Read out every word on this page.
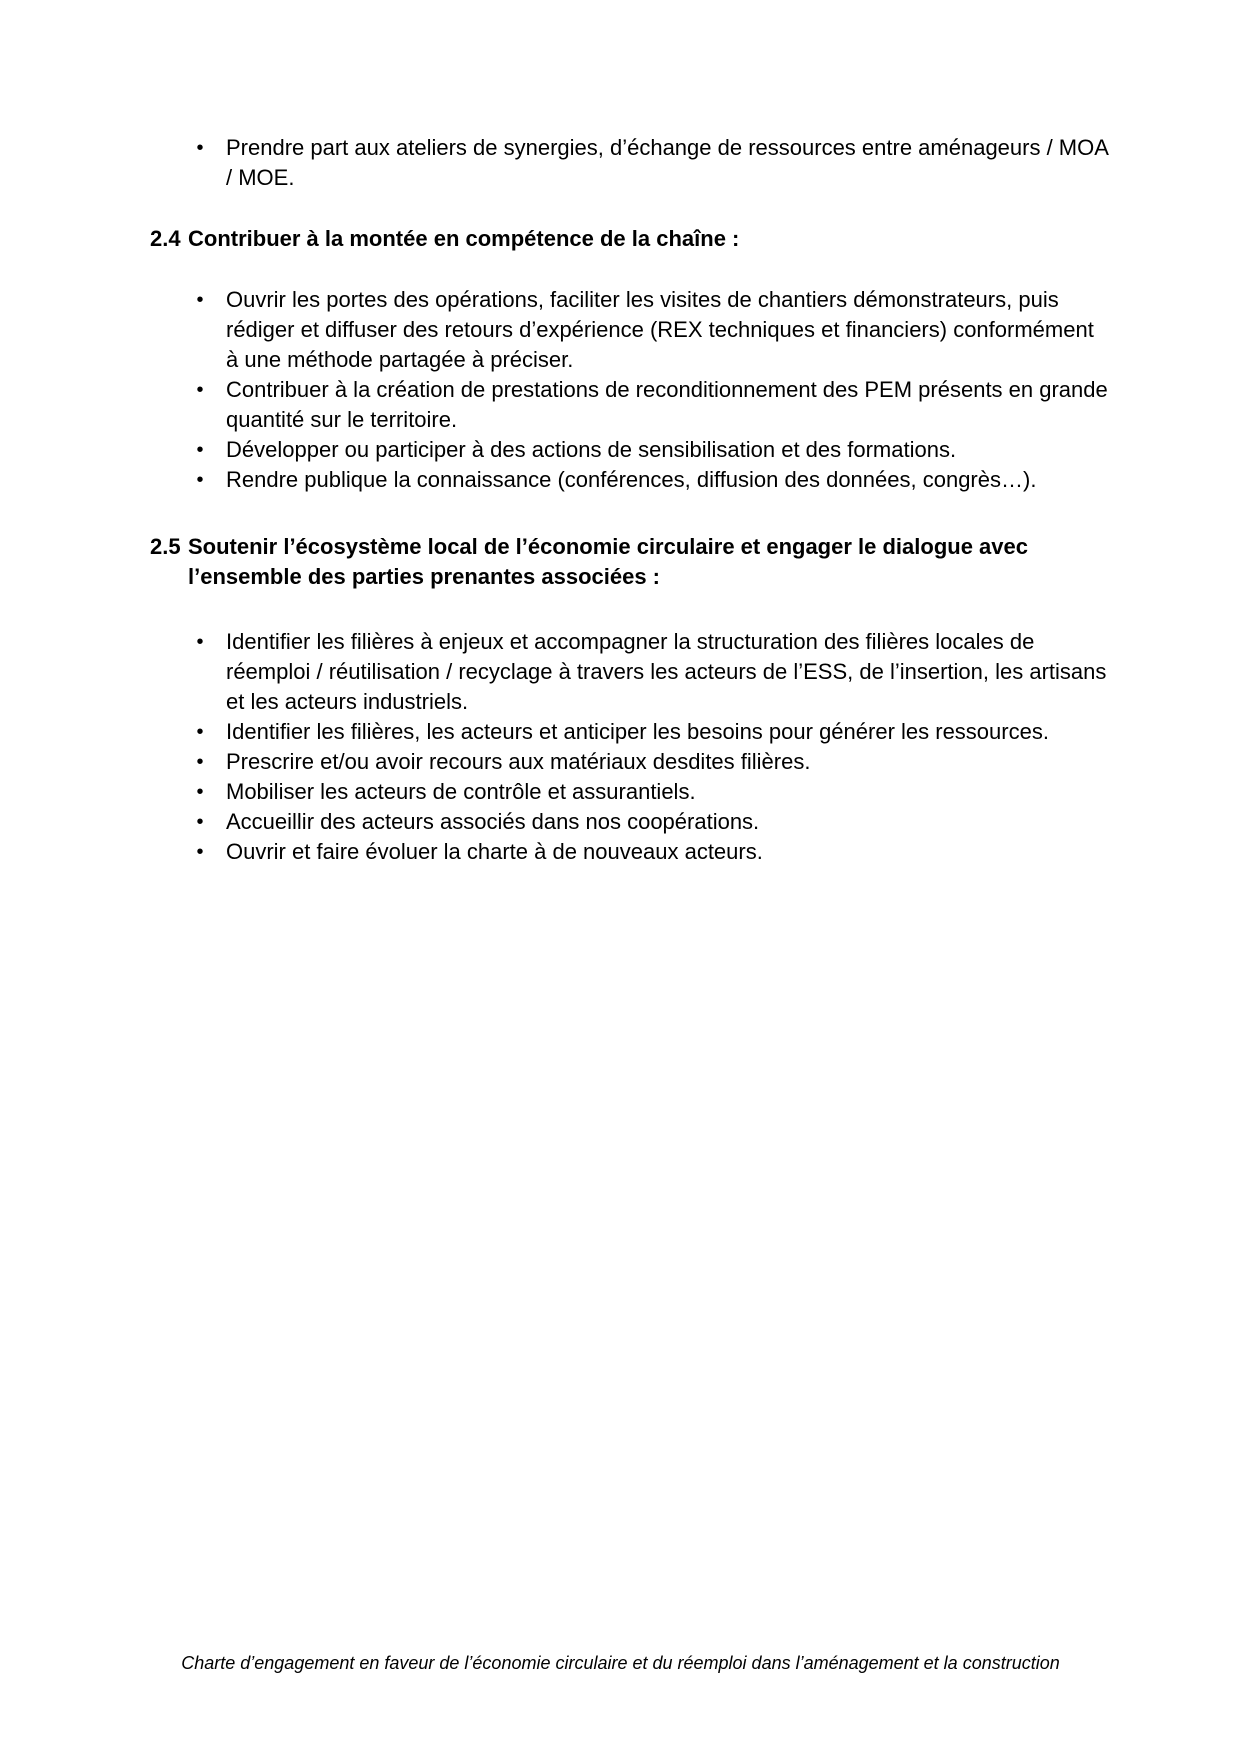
• Prendre part aux ateliers de synergies, d’échange de ressources entre aménageurs / MOA / MOE.
2.4 Contribuer à la montée en compétence de la chaîne :
• Ouvrir les portes des opérations, faciliter les visites de chantiers démonstrateurs, puis rédiger et diffuser des retours d’expérience (REX techniques et financiers) conformément à une méthode partagée à préciser.
• Contribuer à la création de prestations de reconditionnement des PEM présents en grande quantité sur le territoire.
• Développer ou participer à des actions de sensibilisation et des formations.
• Rendre publique la connaissance (conférences, diffusion des données, congrès…).
2.5 Soutenir l’écosystème local de l’économie circulaire et engager le dialogue avec
l’ensemble des parties prenantes associées :
• Identifier les filières à enjeux et accompagner la structuration des filières locales de réemploi / réutilisation / recyclage à travers les acteurs de l’ESS, de l’insertion, les artisans et les acteurs industriels.
• Identifier les filières, les acteurs et anticiper les besoins pour générer les ressources.
• Prescrire et/ou avoir recours aux matériaux desdites filières.
• Mobiliser les acteurs de contrôle et assurantiels.
• Accueillir des acteurs associés dans nos coopérations.
• Ouvrir et faire évoluer la charte à de nouveaux acteurs.
Charte d’engagement en faveur de l’économie circulaire et du réemploi dans l’aménagement et la construction
